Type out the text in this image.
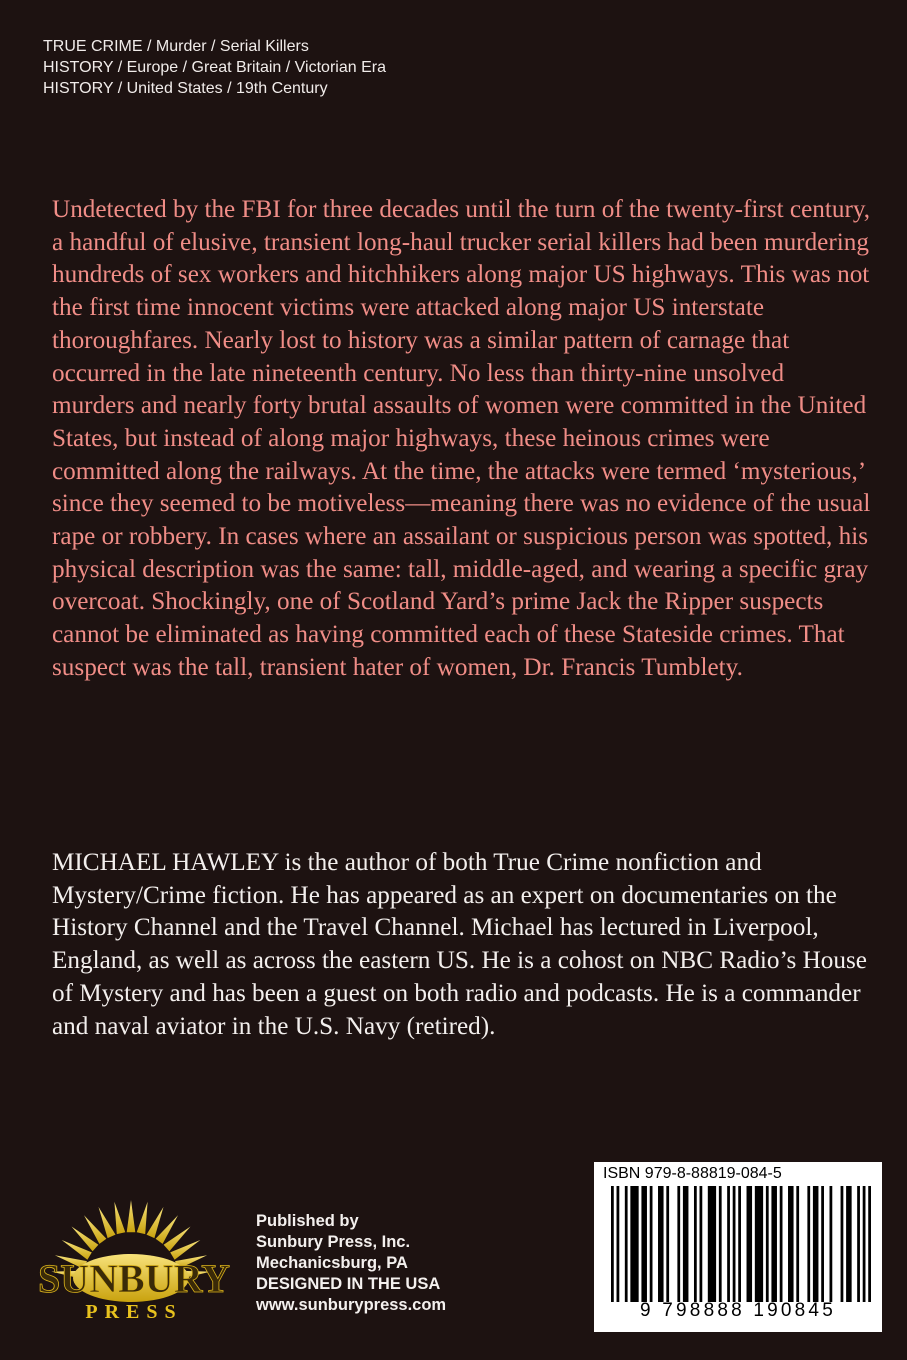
TRUE CRIME / Murder / Serial Killers
HISTORY / Europe / Great Britain / Victorian Era
HISTORY / United States / 19th Century

Undetected by the FBI for three decades until the turn of the twenty-first century, a handful of elusive, transient long-haul trucker serial killers had been murdering hundreds of sex workers and hitchhikers along major US highways. This was not the first time innocent victims were attacked along major US interstate thoroughfares. Nearly lost to history was a similar pattern of carnage that occurred in the late nineteenth century. No less than thirty-nine unsolved murders and nearly forty brutal assaults of women were committed in the United States, but instead of along major highways, these heinous crimes were committed along the railways. At the time, the attacks were termed ‘mysterious,’ since they seemed to be motiveless—meaning there was no evidence of the usual rape or robbery. In cases where an assailant or suspicious person was spotted, his physical description was the same: tall, middle-aged, and wearing a specific gray overcoat. Shockingly, one of Scotland Yard’s prime Jack the Ripper suspects cannot be eliminated as having committed each of these Stateside crimes. That suspect was the tall, transient hater of women, Dr. Francis Tumblety.

MICHAEL HAWLEY is the author of both True Crime nonfiction and Mystery/Crime fiction. He has appeared as an expert on documentaries on the History Channel and the Travel Channel. Michael has lectured in Liverpool, England, as well as across the eastern US. He is a cohost on NBC Radio’s House of Mystery and has been a guest on both radio and podcasts. He is a commander and naval aviator in the U.S. Navy (retired).

SUNBURY
PRESS
Published by
Sunbury Press, Inc.
Mechanicsburg, PA
DESIGNED IN THE USA
www.sunburypress.com
ISBN 979-8-88819-084-5
9 798888 190845
